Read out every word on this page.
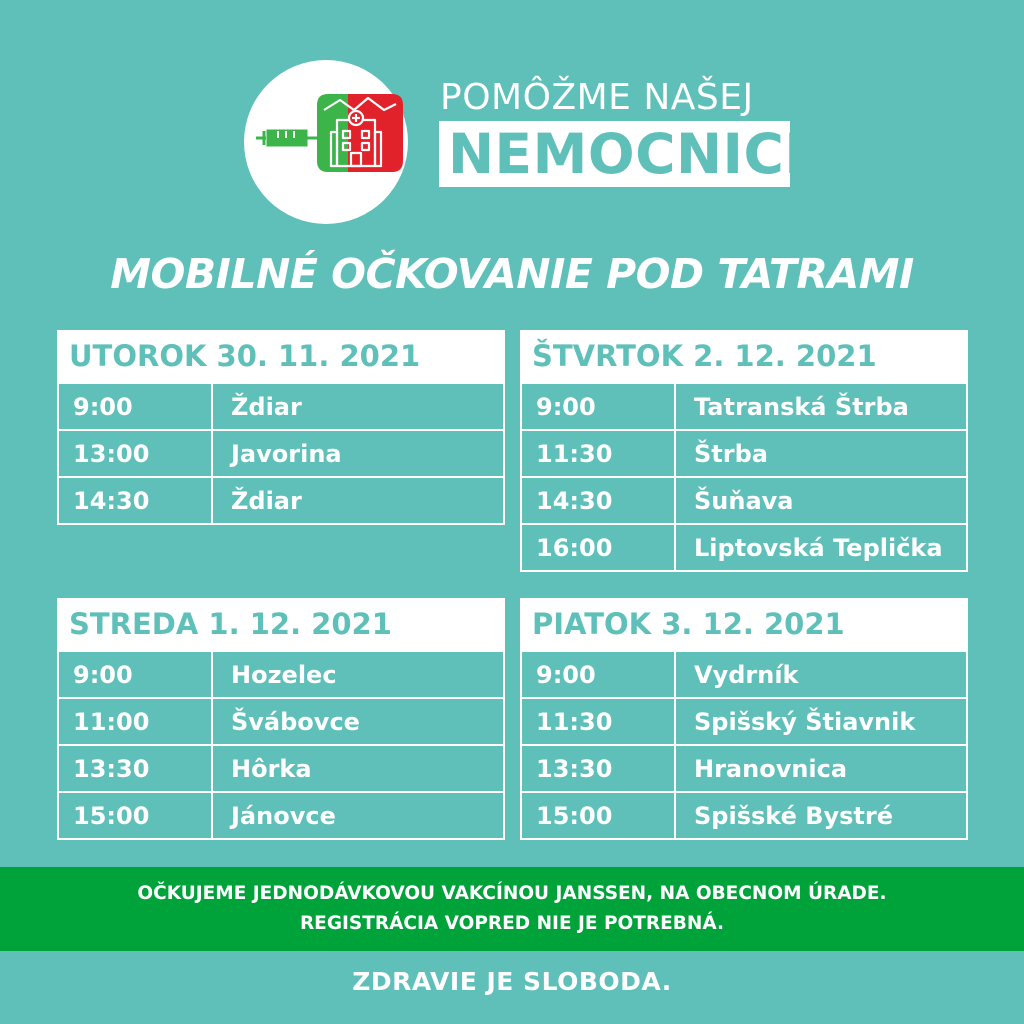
POMÔŽME NAŠEJ
NEMOCNICI
MOBILNÉ OČKOVANIE POD TATRAMI
UTOROK 30. 11. 2021
9:00	Ždiar
13:00	Javorina
14:30	Ždiar
ŠTVRTOK 2. 12. 2021
9:00	Tatranská Štrba
11:30	Štrba
14:30	Šuňava
16:00	Liptovská Teplička
STREDA 1. 12. 2021
9:00	Hozelec
11:00	Švábovce
13:30	Hôrka
15:00	Jánovce
PIATOK 3. 12. 2021
9:00	Vydrník
11:30	Spišský Štiavnik
13:30	Hranovnica
15:00	Spišské Bystré
OČKUJEME JEDNODÁVKOVOU VAKCÍNOU JANSSEN, NA OBECNOM ÚRADE.
REGISTRÁCIA VOPRED NIE JE POTREBNÁ.
ZDRAVIE JE SLOBODA.
